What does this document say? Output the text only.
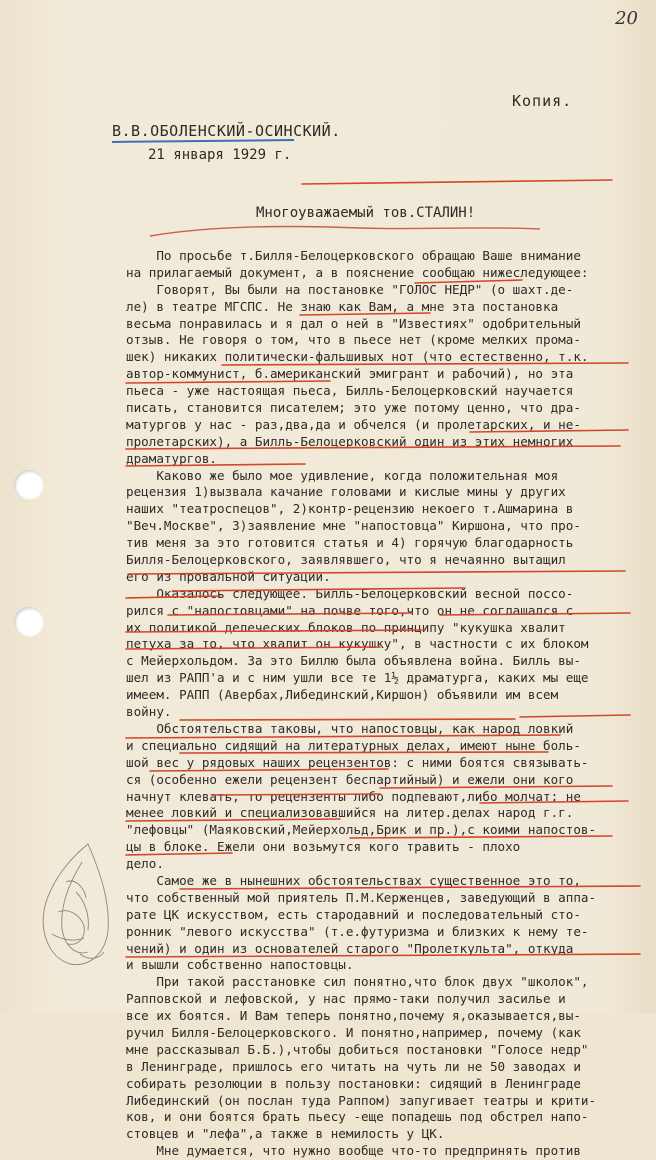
20
Копия.
В.В.ОБОЛЕНСКИЙ-ОСИНСКИЙ.
21 января 1929 г.
Многоуважаемый тов.СТАЛИН!
По просьбе т.Билля-Белоцерковского обращаю Ваше внимание
на прилагаемый документ, а в пояснение сообщаю нижеследующее:
Говорят, Вы были на постановке "ГОЛОС НЕДР" (о шахт.де-
ле) в театре МГСПС. Не знаю как Вам, а мне эта постановка
весьма понравилась и я дал о ней в "Известиях" одобрительный
отзыв. Не говоря о том, что в пьесе нет (кроме мелких прома-
шек) никаких политически-фальшивых нот (что естественно, т.к.
автор-коммунист, б.американский эмигрант и рабочий), но эта
пьеса - уже настоящая пьеса, Билль-Белоцерковский научается
писать, становится писателем; это уже потому ценно, что дра-
матургов у нас - раз,два,да и обчелся (и пролетарских, и не-
пролетарских), а Билль-Белоцерковский один из этих немногих
драматургов.
Каково же было мое удивление, когда положительная моя
рецензия 1)вызвала качание головами и кислые мины у других
наших "театроспецов", 2)контр-рецензию некоего т.Ашмарина в
"Веч.Москве", 3)заявление мне "напостовца" Киршона, что про-
тив меня за это готовится статья и 4) горячую благодарность
Билля-Белоцерковского, заявлявшего, что я нечаянно вытащил
его из провальной ситуации.
Оказалось следующее. Билль-Белоцерковский весной поссо-
рился с "напостовцами" на почве того,что он не соглашался с
их политикой делеческих блоков по принципу "кукушка хвалит
петуха за то, что хвалит он кукушку", в частности с их блоком
с Мейерхольдом. За это Биллю была объявлена война. Билль вы-
шел из РАПП'а и с ним ушли все те 1½ драматурга, каких мы еще
имеем. РАПП (Авербах,Либединский,Киршон) объявили им всем
войну.
Обстоятельства таковы, что напостовцы, как народ ловкий
и специально сидящий на литературных делах, имеют ныне боль-
шой вес у рядовых наших рецензентов: с ними боятся связывать-
ся (особенно ежели рецензент беспартийный) и ежели они кого
начнут клевать, то рецензенты либо подпевают,либо молчат; не
менее ловкий и специализовавшийся на литер.делах народ г.г.
"лефовцы" (Маяковский,Мейерхольд,Брик и пр.),с коими напостов-
цы в блоке. Ежели они возьмутся кого травить - плохо
дело.
Самое же в нынешних обстоятельствах существенное это то,
что собственный мой приятель П.М.Керженцев, заведующий в аппа-
рате ЦК искусством, есть стародавний и последовательный сто-
ронник "левого искусства" (т.е.футуризма и близких к нему те-
чений) и один из основателей старого "Пролеткульта", откуда
и вышли собственно напостовцы.
При такой расстановке сил понятно,что блок двух "школок",
Рапповской и лефовской, у нас прямо-таки получил засилье и
все их боятся. И Вам теперь понятно,почему я,оказывается,вы-
ручил Билля-Белоцерковского. И понятно,например, почему (как
мне рассказывал Б.Б.),чтобы добиться постановки "Голосе недр"
в Ленинграде, пришлось его читать на чуть ли не 50 заводах и
собирать резолюции в пользу постановки: сидящий в Ленинграде
Либединский (он послан туда Раппом) запугивает театры и крити-
ков, и они боятся брать пьесу -еще попадешь под обстрел напо-
стовцев и "лефа",а также в немилость у ЦК.
Мне думается, что нужно вообще что-то предпринять против
